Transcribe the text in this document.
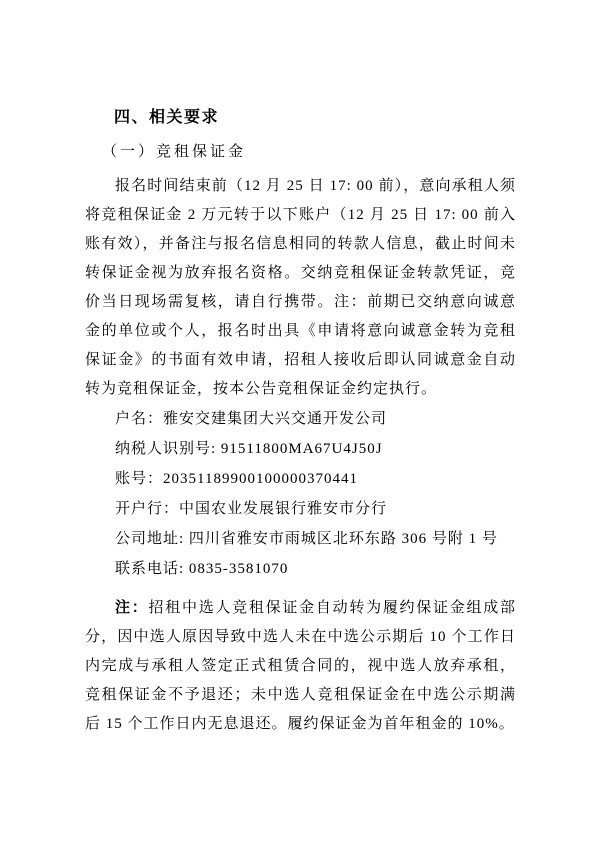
四、相关要求
（一）竞租保证金

报名时间结束前（12 月 25 日 17: 00 前），意向承租人须将竞租保证金 2 万元转于以下账户（12 月 25 日 17: 00 前入账有效），并备注与报名信息相同的转款人信息，截止时间未转保证金视为放弃报名资格。交纳竞租保证金转款凭证，竞价当日现场需复核，请自行携带。注：前期已交纳意向诚意金的单位或个人，报名时出具《申请将意向诚意金转为竞租保证金》的书面有效申请，招租人接收后即认同诚意金自动转为竞租保证金，按本公告竞租保证金约定执行。

户名：雅安交建集团大兴交通开发公司
纳税人识别号: 91511800MA67U4J50J
账号：20351189900100000370441
开户行：中国农业发展银行雅安市分行
公司地址: 四川省雅安市雨城区北环东路 306 号附 1 号
联系电话: 0835-3581070

注：招租中选人竞租保证金自动转为履约保证金组成部分，因中选人原因导致中选人未在中选公示期后 10 个工作日内完成与承租人签定正式租赁合同的，视中选人放弃承租，竞租保证金不予退还；未中选人竞租保证金在中选公示期满后 15 个工作日内无息退还。履约保证金为首年租金的 10%。
